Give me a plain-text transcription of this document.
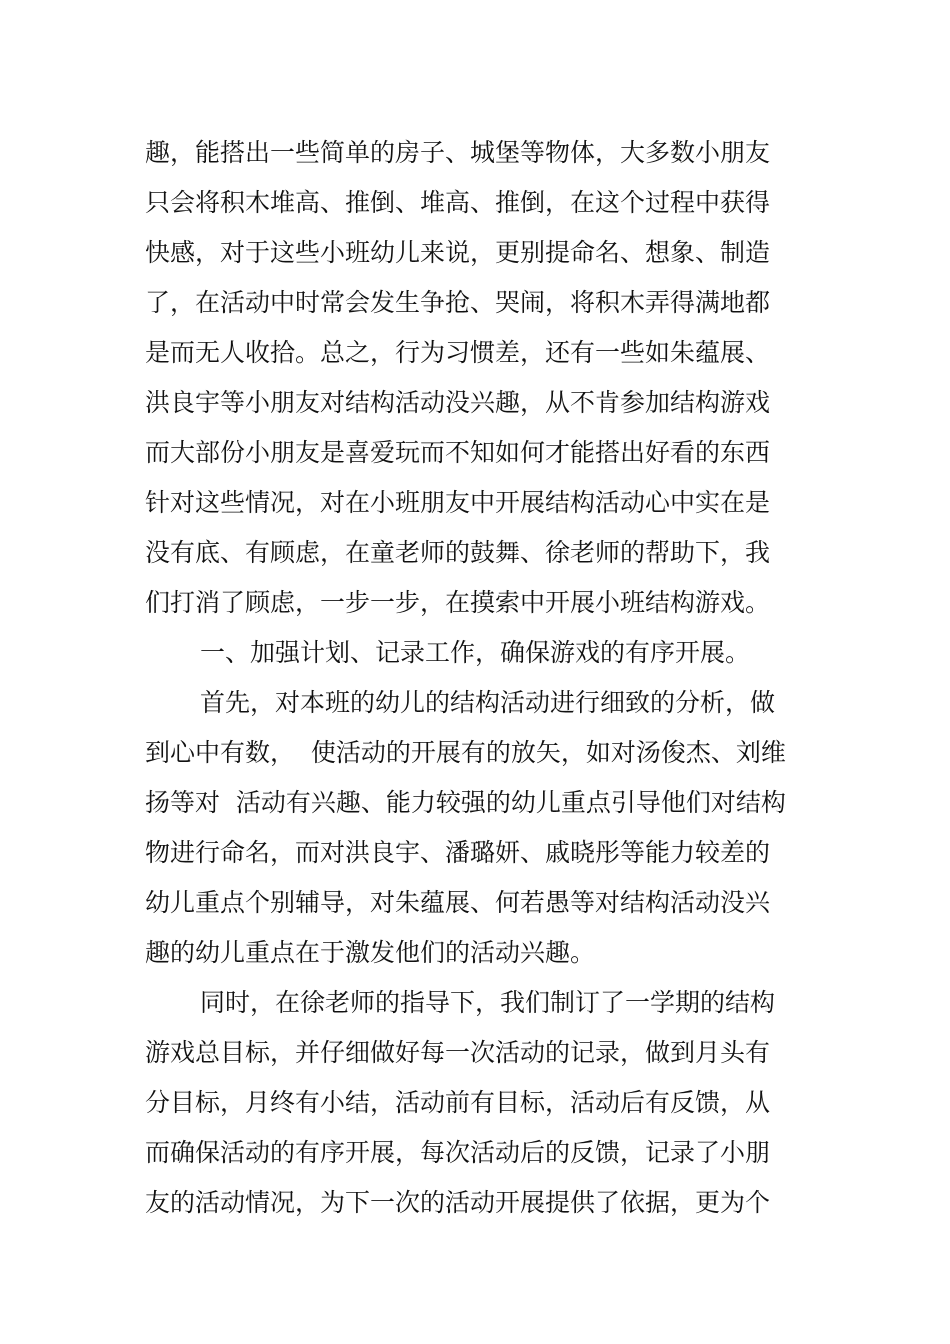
趣，能搭出一些简单的房子、城堡等物体，大多数小朋友
只会将积木堆高、推倒、堆高、推倒，在这个过程中获得
快感，对于这些小班幼儿来说，更别提命名、想象、制造
了，在活动中时常会发生争抢、哭闹，将积木弄得满地都
是而无人收拾。总之，行为习惯差，还有一些如朱蕴展、
洪良宇等小朋友对结构活动没兴趣，从不肯参加结构游戏
而大部份小朋友是喜爱玩而不知如何才能搭出好看的东西
针对这些情况，对在小班朋友中开展结构活动心中实在是
没有底、有顾虑，在童老师的鼓舞、徐老师的帮助下，我
们打消了顾虑，一步一步，在摸索中开展小班结构游戏。
一、加强计划、记录工作，确保游戏的有序开展。
首先，对本班的幼儿的结构活动进行细致的分析，做
到心中有数，  使活动的开展有的放矢，如对汤俊杰、刘维
扬等对  活动有兴趣、能力较强的幼儿重点引导他们对结构
物进行命名，而对洪良宇、潘璐妍、戚晓彤等能力较差的
幼儿重点个别辅导，对朱蕴展、何若愚等对结构活动没兴
趣的幼儿重点在于激发他们的活动兴趣。
同时，在徐老师的指导下，我们制订了一学期的结构
游戏总目标，并仔细做好每一次活动的记录，做到月头有
分目标，月终有小结，活动前有目标，活动后有反馈，从
而确保活动的有序开展，每次活动后的反馈，记录了小朋
友的活动情况，为下一次的活动开展提供了依据，更为个
